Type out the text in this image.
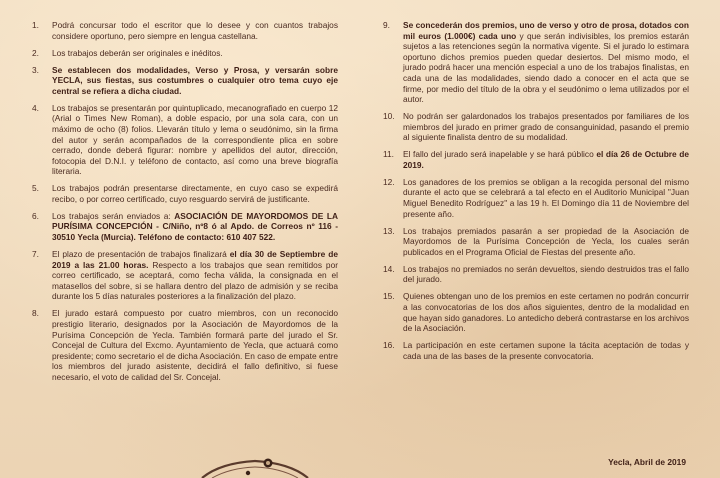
1.	Podrá concursar todo el escritor que lo desee y con cuantos trabajos considere oportuno, pero siempre en lengua castellana.
2.	Los trabajos deberán ser originales e inéditos.
3.	Se establecen dos modalidades, Verso y Prosa, y versarán sobre YECLA, sus fiestas, sus costumbres o cualquier otro tema cuyo eje central se refiera a dicha ciudad.
4.	Los trabajos se presentarán por quintuplicado, mecanografiado en cuerpo 12 (Arial o Times New Roman), a doble espacio, por una sola cara, con un máximo de ocho (8) folios. Llevarán título y lema o seudónimo, sin la firma del autor y serán acompañados de la correspondiente plica en sobre cerrado, donde deberá figurar: nombre y apellidos del autor, dirección, fotocopia del D.N.I. y teléfono de contacto, así como una breve biografía literaria.
5.	Los trabajos podrán presentarse directamente, en cuyo caso se expedirá recibo, o por correo certificado, cuyo resguardo servirá de justificante.
6.	Los trabajos serán enviados a: ASOCIACIÓN DE MAYORDOMOS DE LA PURÍSIMA CONCEPCIÓN - C/Niño, nº8 ó al Apdo. de Correos nº 116 - 30510 Yecla (Murcia). Teléfono de contacto: 610 407 522.
7.	El plazo de presentación de trabajos finalizará el día 30 de Septiembre de 2019 a las 21.00 horas. Respecto a los trabajos que sean remitidos por correo certificado, se aceptará, como fecha válida, la consignada en el matasellos del sobre, si se hallara dentro del plazo de admisión y se reciba durante los 5 días naturales posteriores a la finalización del plazo.
8.	El jurado estará compuesto por cuatro miembros, con un reconocido prestigio literario, designados por la Asociación de Mayordomos de la Purísima Concepción de Yecla. También formará parte del jurado el Sr. Concejal de Cultura del Excmo. Ayuntamiento de Yecla, que actuará como presidente; como secretario el de dicha Asociación. En caso de empate entre los miembros del jurado asistente, decidirá el fallo definitivo, si fuese necesario, el voto de calidad del Sr. Concejal.
9.	Se concederán dos premios, uno de verso y otro de prosa, dotados con mil euros (1.000€) cada uno y que serán indivisibles, los premios estarán sujetos a las retenciones según la normativa vigente. Si el jurado lo estimara oportuno dichos premios pueden quedar desiertos. Del mismo modo, el jurado podrá hacer una mención especial a uno de los trabajos finalistas, en cada una de las modalidades, siendo dado a conocer en el acta que se firme, por medio del título de la obra y el seudónimo o lema utilizados por el autor.
10.	No podrán ser galardonados los trabajos presentados por familiares de los miembros del jurado en primer grado de consanguinidad, pasando el premio al siguiente finalista dentro de su modalidad.
11.	El fallo del jurado será inapelable y se hará público el día 26 de Octubre de 2019.
12.	Los ganadores de los premios se obligan a la recogida personal del mismo durante el acto que se celebrará a tal efecto en el Auditorio Municipal "Juan Miguel Benedito Rodríguez" a las 19 h. El Domingo día 11 de Noviembre del presente año.
13.	Los trabajos premiados pasarán a ser propiedad de la Asociación de Mayordomos de la Purísima Concepción de Yecla, los cuales serán publicados en el Programa Oficial de Fiestas del presente año.
14.	Los trabajos no premiados no serán devueltos, siendo destruidos tras el fallo del jurado.
15.	Quienes obtengan uno de los premios en este certamen no podrán concurrir a las convocatorias de los dos años siguientes, dentro de la modalidad en que hayan sido ganadores. Lo antedicho deberá contrastarse en los archivos de la Asociación.
16.	La participación en este certamen supone la tácita aceptación de todas y cada una de las bases de la presente convocatoria.
Yecla, Abril de 2019
